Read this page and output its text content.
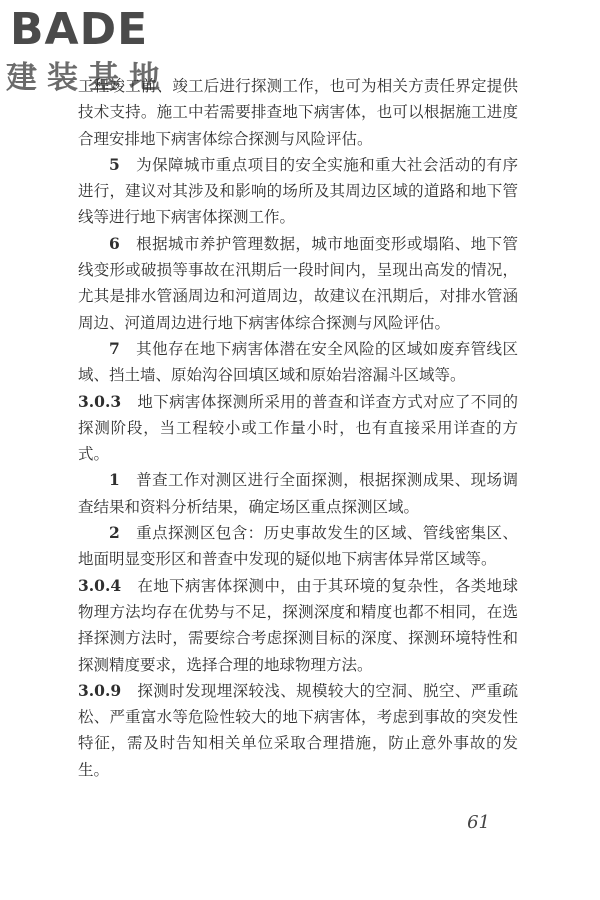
BADE
建装基地

工程竣工前、竣工后进行探测工作，也可为相关方责任界定提供技术支持。施工中若需要排查地下病害体，也可以根据施工进度合理安排地下病害体综合探测与风险评估。

5　 为保障城市重点项目的安全实施和重大社会活动的有序进行，建议对其涉及和影响的场所及其周边区域的道路和地下管线等进行地下病害体探测工作。

6　 根据城市养护管理数据，城市地面变形或塌陷、地下管线变形或破损等事故在汛期后一段时间内，呈现出高发的情况，尤其是排水管涵周边和河道周边，故建议在汛期后，对排水管涵周边、河道周边进行地下病害体综合探测与风险评估。

7　 其他存在地下病害体潜在安全风险的区域如废弃管线区域、挡土墙、原始沟谷回填区域和原始岩溶漏斗区域等。

3.0.3　 地下病害体探测所采用的普查和详查方式对应了不同的探测阶段，当工程较小或工作量小时，也有直接采用详查的方式。

1　 普查工作对测区进行全面探测，根据探测成果、现场调查结果和资料分析结果，确定场区重点探测区域。

2　 重点探测区包含：历史事故发生的区域、管线密集区、地面明显变形区和普查中发现的疑似地下病害体异常区域等。

3.0.4　 在地下病害体探测中，由于其环境的复杂性，各类地球物理方法均存在优势与不足，探测深度和精度也都不相同，在选择探测方法时，需要综合考虑探测目标的深度、探测环境特性和探测精度要求，选择合理的地球物理方法。

3.0.9　 探测时发现埋深较浅、规模较大的空洞、脱空、严重疏松、严重富水等危险性较大的地下病害体，考虑到事故的突发性特征，需及时告知相关单位采取合理措施，防止意外事故的发生。

61
